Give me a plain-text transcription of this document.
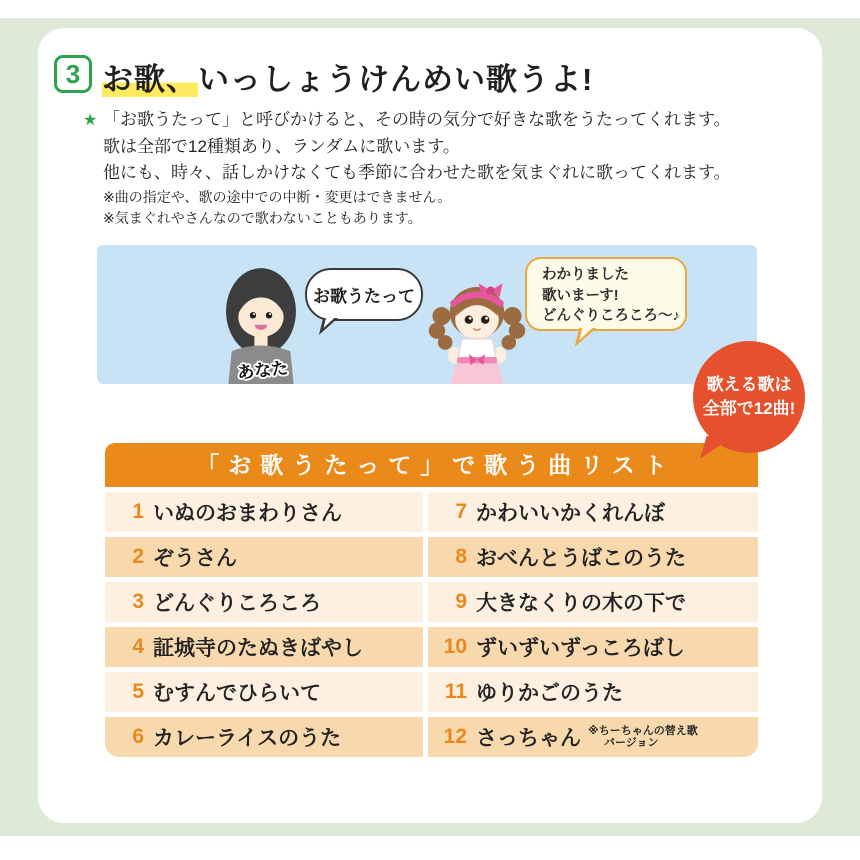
3 お歌、いっしょうけんめい歌うよ!
★ 「お歌うたって」と呼びかけると、その時の気分で好きな歌をうたってくれます。
歌は全部で12種類あり、ランダムに歌います。
他にも、時々、話しかけなくても季節に合わせた歌を気まぐれに歌ってくれます。
※曲の指定や、歌の途中での中断・変更はできません。
※気まぐれやさんなので歌わないこともあります。
あなた
お歌うたって
わかりました
歌いまーす!
どんぐりころころ〜♪
歌える歌は
全部で12曲!
「お歌うたって」で歌う曲リスト
1 いぬのおまわりさん
2 ぞうさん
3 どんぐりころころ
4 証城寺のたぬきばやし
5 むすんでひらいて
6 カレーライスのうた
7 かわいいかくれんぼ
8 おべんとうばこのうた
9 大きなくりの木の下で
10 ずいずいずっころばし
11 ゆりかごのうた
12 さっちゃん ※ちーちゃんの替え歌
バージョン
